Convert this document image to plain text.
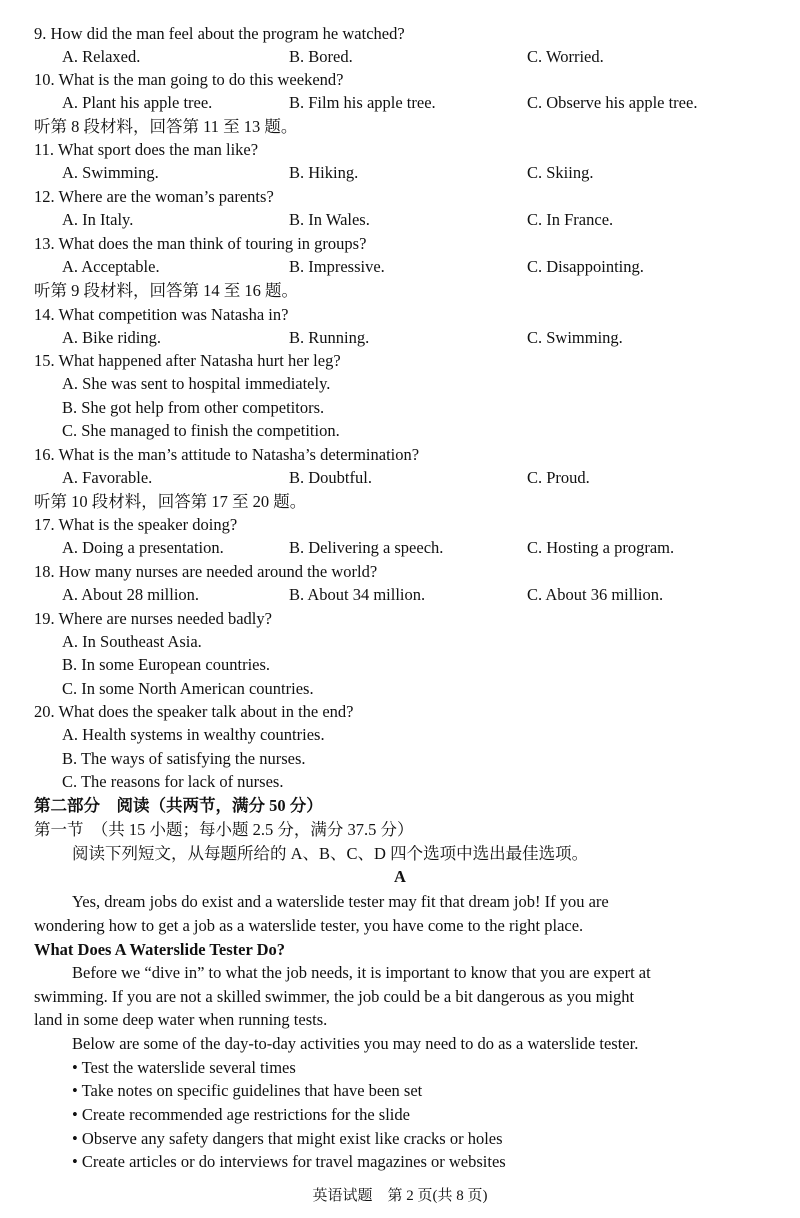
9. How did the man feel about the program he watched?
A. Relaxed.	B. Bored.	C. Worried.
10. What is the man going to do this weekend?
A. Plant his apple tree.	B. Film his apple tree.	C. Observe his apple tree.
听第 8 段材料，回答第 11 至 13 题。
11. What sport does the man like?
A. Swimming.	B. Hiking.	C. Skiing.
12. Where are the woman’s parents?
A. In Italy.	B. In Wales.	C. In France.
13. What does the man think of touring in groups?
A. Acceptable.	B. Impressive.	C. Disappointing.
听第 9 段材料，回答第 14 至 16 题。
14. What competition was Natasha in?
A. Bike riding.	B. Running.	C. Swimming.
15. What happened after Natasha hurt her leg?
A. She was sent to hospital immediately.
B. She got help from other competitors.
C. She managed to finish the competition.
16. What is the man’s attitude to Natasha’s determination?
A. Favorable.	B. Doubtful.	C. Proud.
听第 10 段材料，回答第 17 至 20 题。
17. What is the speaker doing?
A. Doing a presentation.	B. Delivering a speech.	C. Hosting a program.
18. How many nurses are needed around the world?
A. About 28 million.	B. About 34 million.	C. About 36 million.
19. Where are nurses needed badly?
A. In Southeast Asia.
B. In some European countries.
C. In some North American countries.
20. What does the speaker talk about in the end?
A. Health systems in wealthy countries.
B. The ways of satisfying the nurses.
C. The reasons for lack of nurses.
第二部分　阅读（共两节，满分 50 分）
第一节　（共 15 小题；每小题 2.5 分，满分 37.5 分）
阅读下列短文，从每题所给的 A、B、C、D 四个选项中选出最佳选项。
A
Yes, dream jobs do exist and a waterslide tester may fit that dream job! If you are
wondering how to get a job as a waterslide tester, you have come to the right place.
What Does A Waterslide Tester Do?
Before we “dive in” to what the job needs, it is important to know that you are expert at
swimming. If you are not a skilled swimmer, the job could be a bit dangerous as you might
land in some deep water when running tests.
Below are some of the day-to-day activities you may need to do as a waterslide tester.
• Test the waterslide several times
• Take notes on specific guidelines that have been set
• Create recommended age restrictions for the slide
• Observe any safety dangers that might exist like cracks or holes
• Create articles or do interviews for travel magazines or websites
英语试题　第 2 页(共 8 页)
